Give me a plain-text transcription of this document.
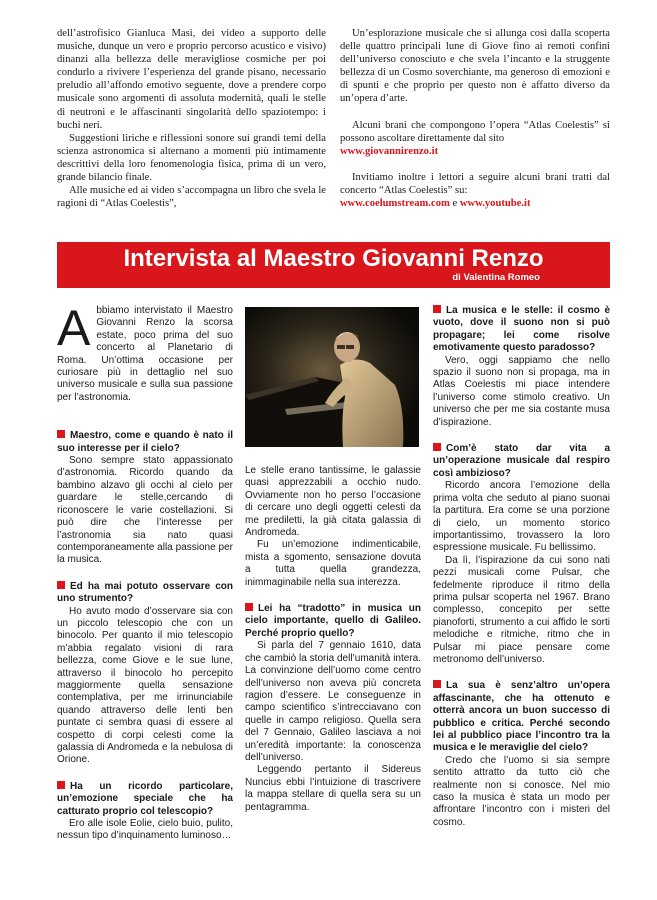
dell’astrofisico Gianluca Masi, dei video a supporto delle musiche, dunque un vero e proprio percorso acustico e visivo) dinanzi alla bellezza delle meravigliose cosmiche per poi condurlo a rivivere l’esperienza del grande pisano, necessario preludio all’affondo emotivo seguente, dove a prendere corpo musicale sono argomenti di assoluta modernità, quali le stelle di neutroni e le affascinanti singolarità dello spaziotempo: i buchi neri.

Suggestioni liriche e riflessioni sonore sui grandi temi della scienza astronomica si alternano a momenti più intimamente descrittivi della loro fenomenologia fisica, prima di un vero, grande bilancio finale.

Alle musiche ed ai video s’accompagna un libro che svela le ragioni di “Atlas Coelestis”,

Un’esplorazione musicale che si allunga così dalla scoperta delle quattro principali lune di Giove fino ai remoti confini dell’universo conosciuto e che svela l’incanto e la struggente bellezza di un Cosmo soverchiante, ma generoso di emozioni e di spunti e che proprio per questo non è affatto diverso da un’opera d’arte.

Alcuni brani che compongono l’opera “Atlas Coelestis” si possono ascoltare direttamente dal sito

www.giovannirenzo.it

Invitiamo inoltre i lettori a seguire alcuni brani tratti dal concerto “Atlas Coelestis” su:

www.coelumstream.com e www.youtube.it

Intervista al Maestro Giovanni Renzo
di Valentina Romeo

Abbiamo intervistato il Maestro Giovanni Renzo la scorsa estate, poco prima del suo concerto al Planetario di Roma. Un’ottima occasione per curiosare più in dettaglio nel suo universo musicale e sulla sua passione per l’astronomia.

Maestro, come e quando è nato il suo interesse per il cielo?

Sono sempre stato appassionato d’astronomia. Ricordo quando da bambino alzavo gli occhi al cielo per guardare le stelle,cercando di riconoscere le varie costellazioni. Si può dire che l’interesse per l’astronomia sia nato quasi contemporaneamente alla passione per la musica.

Ed ha mai potuto osservare con uno strumento?

Ho avuto modo d’osservare sia con un piccolo telescopio che con un binocolo. Per quanto il mio telescopio m’abbia regalato visioni di rara bellezza, come Giove e le sue lune, attraverso il binocolo ho percepito maggiormente quella sensazione contemplativa, per me irrinunciabile quando attraverso delle lenti ben puntate ci sembra quasi di essere al cospetto di corpi celesti come la galassia di Andromeda e la nebulosa di Orione.

Ha un ricordo particolare, un’emozione speciale che ha catturato proprio col telescopio?

Ero alle isole Eolie, cielo buio, pulito, nessun tipo d’inquinamento luminoso…

Le stelle erano tantissime, le galassie quasi apprezzabili a occhio nudo. Ovviamente non ho perso l’occasione di cercare uno degli oggetti celesti da me prediletti, la già citata galassia di Andromeda.

Fu un’emozione indimenticabile, mista a sgomento, sensazione dovuta a tutta quella grandezza, inimmaginabile nella sua interezza.

Lei ha “tradotto” in musica un cielo importante, quello di Galileo. Perché proprio quello?

Si parla del 7 gennaio 1610, data che cambiò la storia dell’umanità intera. La convinzione dell’uomo come centro dell’universo non aveva più concreta ragion d’essere. Le conseguenze in campo scientifico s’intrecciavano con quelle in campo religioso. Quella sera del 7 Gennaio, Galileo lasciava a noi un’eredità importante: la conoscenza dell’universo.

Leggendo pertanto il Sidereus Nuncius ebbi l’intuizione di trascrivere la mappa stellare di quella sera su un pentagramma.

La musica e le stelle: il cosmo è vuoto, dove il suono non si può propagare; lei come risolve emotivamente questo paradosso?

Vero, oggi sappiamo che nello spazio il suono non si propaga, ma in Atlas Coelestis mi piace intendere l’universo come stimolo creativo. Un universo che per me sia costante musa d’ispirazione.

Com’è stato dar vita a un’operazione musicale dal respiro così ambizioso?

Ricordo ancora l’emozione della prima volta che seduto al piano suonai la partitura. Era come se una porzione di cielo, un momento storico importantissimo, trovassero la loro espressione musicale. Fu bellissimo.

Da lì, l’ispirazione da cui sono nati pezzi musicali come Pulsar, che fedelmente riproduce il ritmo della prima pulsar scoperta nel 1967. Brano complesso, concepito per sette pianoforti, strumento a cui affido le sorti melodiche e ritmiche, ritmo che in Pulsar mi piace pensare come metronomo dell’universo.

La sua è senz’altro un’opera affascinante, che ha ottenuto e otterrà ancora un buon successo di pubblico e critica. Perché secondo lei al pubblico piace l’incontro tra la musica e le meraviglie del cielo?

Credo che l’uomo si sia sempre sentito attratto da tutto ciò che realmente non si conosce. Nel mio caso la musica è stata un modo per affrontare l’incontro con i misteri del cosmo.
